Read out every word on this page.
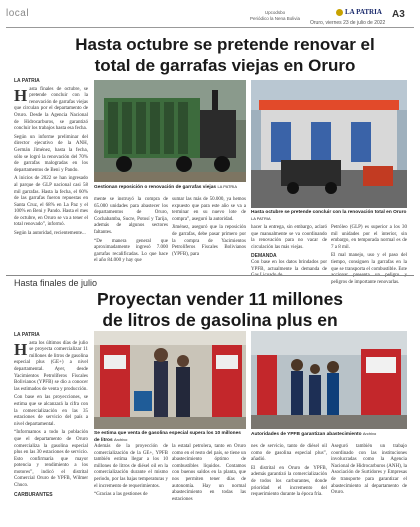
local	Upcodsbo
Periódico la Nena Bolivia
Oruro, viernes 23 de julio de 2022
LA PATRIA A3
Hasta octubre se pretende renovar el total de garrafas viejas en Oruro
LA PATRIA

Hasta finales de octubre, se pretende concluir con la renovación de garrafas viejas que circulan por el departamento de Oruro. Desde la Agencia Nacional de Hidrocarburos, se garantizó concluir los trabajos hasta esa fecha.

Según un informe preliminar del director ejecutivo de la ANH, Germán Jiménez, hasta la fecha, sólo se logró la renovación del 70% de garrafas malogradas en los departamentos de Beni y Pando.

A inicios de 2022 se han ingresado al parque de GLP nacional casi 58 mil garrafas. Hasta la fecha, el 60% de las garrafas fueron repuestas en Santa Cruz, el 68% en La Paz y el 100% en Beni y Pando. Hasta el mes de octubre, en Oruro se va a tener el total renovado”, informó.

Según la autoridad, recientemente...

Gestionan reposición o renovación de garrafas viejas LA PATRIA
Hasta octubre se pretende concluir con la renovación total en Oruro LA PATRIA

mente se instruyó la compra de 65.000 unidades para abastecer los departamentos de Oruro, Cochabamba, Sucre, Potosí y Tarija, además de algunos sectores faltantes.

“De manera general que aproximadamente ingresó 7.000 garrafas recalificadas. Lo que hace el año 84.000 y hay que

sumar las más de 50.000, ya hemos expuesto que para este año se va a terminar en su nuevo lote de compra”, aseguró la autoridad.

Jiménez, aseguró que la reposición de garrafas, debe pasar primero por la compra de Yacimientos Petrolíferos Fiscales Bolivianos (YPFB), para

hacer la entrega, sin embargo, aclaró que manualmente se va coordinando la renovación para no vacar de circulación las más viejas.

DEMANDA

Con base en los datos brindados por YPFB, actualmente la demanda de

Petróleo (GLP) es superior a los 30 mil unidades por el interior, sin embargo, en temporada normal es de 7 a 8 mil.

El mal manejo, uso y el paso del tiempo, consiguen la garrafas en la que se transporta el combustible. Este peligros de importante renovarlas.

Hasta finales de julio
Proyectan vender 11 millones de litros de gasolina plus en
LA PATRIA

Hasta los últimos días de julio se proyecta comercializar 11 millones de litros de gasolina especial plus (GE+) a nivel departamental. Ayer, desde Yacimientos Petrolíferos Fiscales Bolivianos (YPFB) se dio a conocer las estimados de venta y producción.

Con base en las proyecciones, se estima que se alcanzará la cifra con la comercialización en las 35 estaciones de servicio del país a nivel departamental.

“Informamos a todo la población que el departamento de Oruro comercializa la gasolina especial plus en las 30 estaciones de servicio. Esto confirmaría que mayor potencia y rendimiento a los motores”, indicó el distrital Comercial Oruro de YPFB, Wilmer Chuco.

CARBURANTES
Se estima que venta de gasolina especial supera los 10 millones de litros Archivo
Autoridades de YPFB garantizan abastecimiento Archivo

Además de la proyección de comercialización de la GE+, YPFB también estima llegar a los 10 millones de litros de diésel oil en la comercialización durante el mismo periodo, por las bajas temperaturas y el incremento de requerimientos.

“Gracias a las gestiones de

la estatal petrolera, tanto en Oruro como en el resto del país, se tiene un abastecimiento óptimo de combustibles líquidos. Contamos con buenos saldos en la planta, que nos permiten tener días de autonomía. Hay un normal abastecimiento en todas las estaciones

nes de servicio, tanto de diésel oil como de gasolina especial plus”, añadió.

El distrital en Oruro de YPFB, además garantizó la comercialización de todos los carburantes, donde prioridad el incremento del requerimiento durante la época fría.

Aseguró también un trabajo coordinado con las instituciones involucradas como la Agencia Nacional de Hidrocarburos (ANH), la Asociación de Surtidores y Empresas de transporte para garantizar el abastecimiento al departamento de Oruro.
